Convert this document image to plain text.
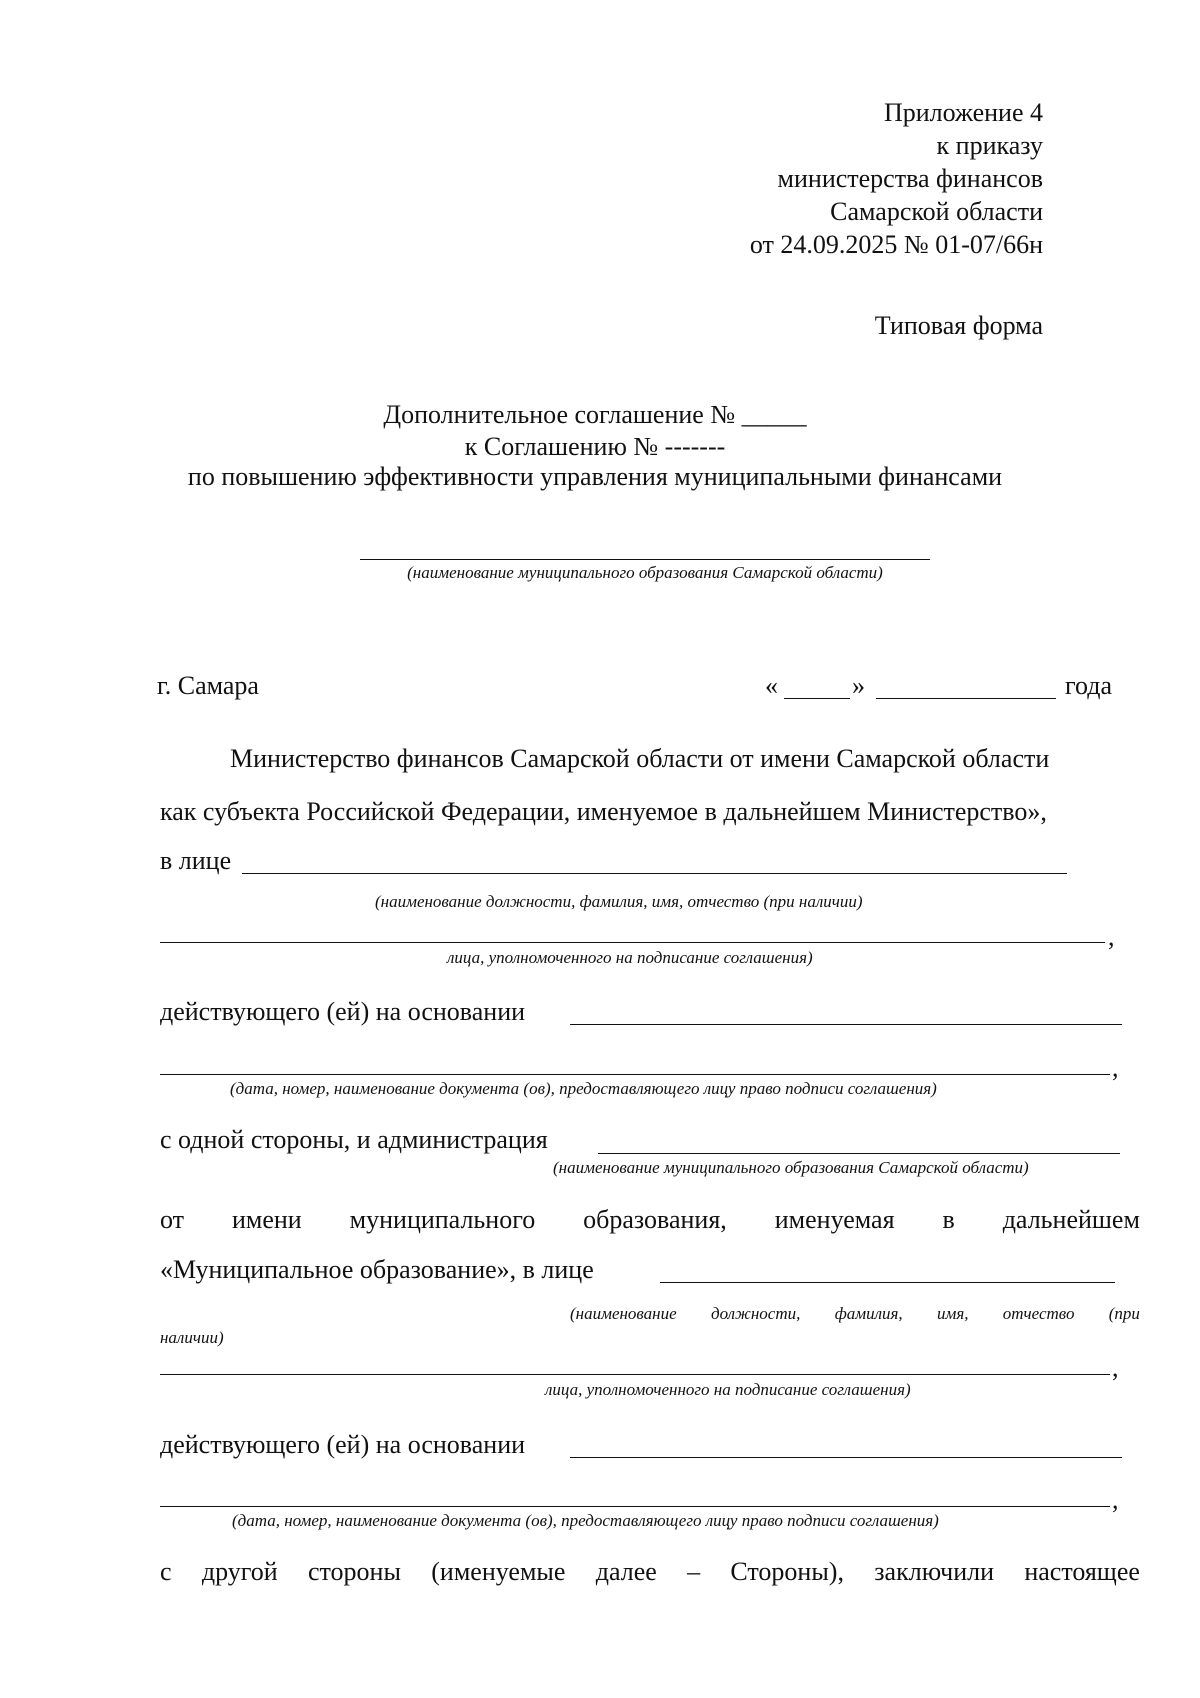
Приложение 4
к приказу
министерства финансов
Самарской области
от 24.09.2025 № 01-07/66н
Типовая форма
Дополнительное соглашение № _____
к Соглашению № -------
по повышению эффективности управления муниципальными финансами
(наименование муниципального образования Самарской области)
г. Самара	«	»	года
Министерство финансов Самарской области от имени Самарской области
как субъекта Российской Федерации, именуемое в дальнейшем Министерство»,
в лице
(наименование должности, фамилия, имя, отчество (при наличии)
,
лица, уполномоченного на подписание соглашения)
действующего (ей) на основании
,
(дата, номер, наименование документа (ов), предоставляющего лицу право подписи соглашения)
с одной стороны, и администрация
(наименование муниципального образования Самарской области)
от имени муниципального образования, именуемая в дальнейшем
«Муниципальное образование», в лице
(наименование должности, фамилия, имя, отчество (при
наличии)
,
лица, уполномоченного на подписание соглашения)
действующего (ей) на основании
,
(дата, номер, наименование документа (ов), предоставляющего лицу право подписи соглашения)
с другой стороны (именуемые далее – Стороны), заключили настоящее
